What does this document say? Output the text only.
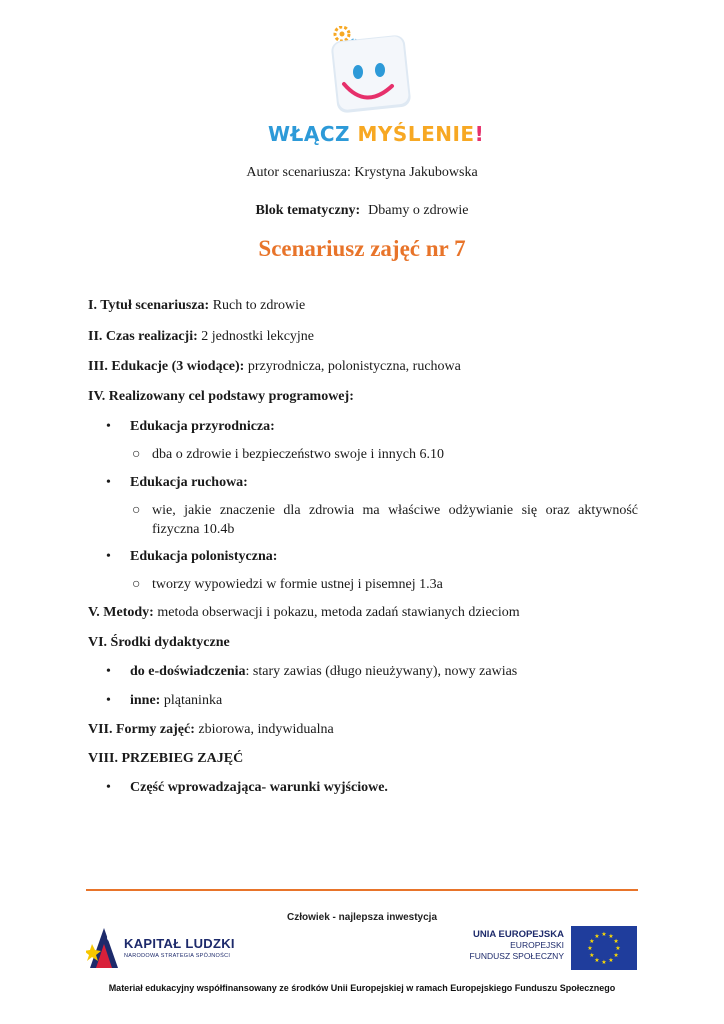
WŁĄCZ MYŚLENIE!
Autor scenariusza: Krystyna Jakubowska
Blok tematyczny: Dbamy o zdrowie
Scenariusz zajęć nr 7
I. Tytuł scenariusza: Ruch to zdrowie
II. Czas realizacji: 2 jednostki lekcyjne
III. Edukacje (3 wiodące): przyrodnicza, polonistyczna, ruchowa
IV. Realizowany cel podstawy programowej:
• Edukacja przyrodnicza:
○ dba o zdrowie i bezpieczeństwo swoje i innych 6.10
• Edukacja ruchowa:
○ wie, jakie znaczenie dla zdrowia ma właściwe odżywianie się oraz aktywność fizyczna 10.4b
• Edukacja polonistyczna:
○ tworzy wypowiedzi w formie ustnej i pisemnej 1.3a
V. Metody: metoda obserwacji i pokazu, metoda zadań stawianych dzieciom
VI. Środki dydaktyczne
• do e-doświadczenia: stary zawias (długo nieużywany), nowy zawias
• inne: plątaninka
VII. Formy zajęć: zbiorowa, indywidualna
VIII. PRZEBIEG ZAJĘĆ
• Część wprowadzająca- warunki wyjściowe.
Człowiek - najlepsza inwestycja
KAPITAŁ LUDZKI
NARODOWA STRATEGIA SPÓJNOŚCI
UNIA EUROPEJSKA
EUROPEJSKI
FUNDUSZ SPOŁECZNY
★
★
★
★
★
★
★
★
★ ★ ★
★
Materiał edukacyjny współfinansowany ze środków Unii Europejskiej w ramach Europejskiego Funduszu Społecznego
